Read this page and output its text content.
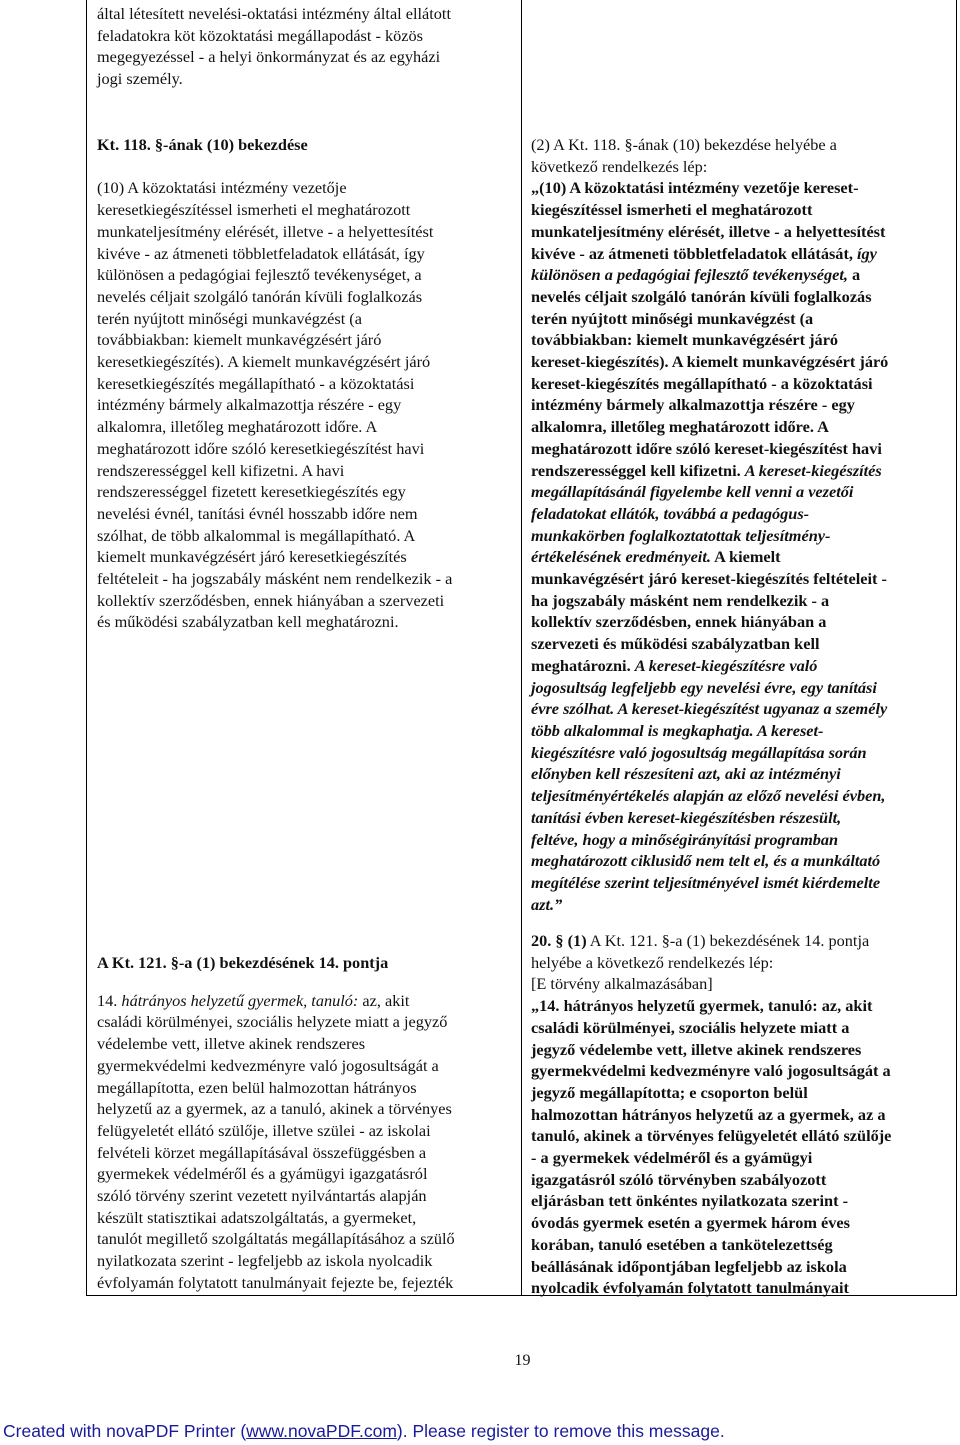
által létesített nevelési-oktatási intézmény által ellátott

feladatokra köt közoktatási megállapodást - közös

megegyezéssel - a helyi önkormányzat és az egyházi

jogi személy.

Kt. 118. §-ának (10) bekezdése

(10) A közoktatási intézmény vezetője

keresetkiegészítéssel ismerheti el meghatározott

munkateljesítmény elérését, illetve - a helyettesítést

kivéve - az átmeneti többletfeladatok ellátását, így

különösen a pedagógiai fejlesztő tevékenységet, a

nevelés céljait szolgáló tanórán kívüli foglalkozás

terén nyújtott minőségi munkavégzést (a

továbbiakban: kiemelt munkavégzésért járó

keresetkiegészítés). A kiemelt munkavégzésért járó

keresetkiegészítés megállapítható - a közoktatási

intézmény bármely alkalmazottja részére - egy

alkalomra, illetőleg meghatározott időre. A

meghatározott időre szóló keresetkiegészítést havi

rendszerességgel kell kifizetni. A havi

rendszerességgel fizetett keresetkiegészítés egy

nevelési évnél, tanítási évnél hosszabb időre nem

szólhat, de több alkalommal is megállapítható. A

kiemelt munkavégzésért járó keresetkiegészítés

feltételeit - ha jogszabály másként nem rendelkezik - a

kollektív szerződésben, ennek hiányában a szervezeti

és működési szabályzatban kell meghatározni.

(2) A Kt. 118. §-ának (10) bekezdése helyébe a

következő rendelkezés lép:

„(10) A közoktatási intézmény vezetője kereset-

kiegészítéssel ismerheti el meghatározott

munkateljesítmény elérését, illetve - a helyettesítést

kivéve - az átmeneti többletfeladatok ellátását, így

különösen a pedagógiai fejlesztő tevékenységet, a

nevelés céljait szolgáló tanórán kívüli foglalkozás

terén nyújtott minőségi munkavégzést (a

továbbiakban: kiemelt munkavégzésért járó

kereset-kiegészítés). A kiemelt munkavégzésért járó

kereset-kiegészítés megállapítható - a közoktatási

intézmény bármely alkalmazottja részére - egy

alkalomra, illetőleg meghatározott időre. A

meghatározott időre szóló kereset-kiegészítést havi

rendszerességgel kell kifizetni. A kereset-kiegészítés

megállapításánál figyelembe kell venni a vezetői

feladatokat ellátók, továbbá a pedagógus-

munkakörben foglalkoztatottak teljesítmény-

értékelésének eredményeit. A kiemelt

munkavégzésért járó kereset-kiegészítés feltételeit -

ha jogszabály másként nem rendelkezik - a

kollektív szerződésben, ennek hiányában a

szervezeti és működési szabályzatban kell

meghatározni. A kereset-kiegészítésre való

jogosultság legfeljebb egy nevelési évre, egy tanítási

évre szólhat. A kereset-kiegészítést ugyanaz a személy

több alkalommal is megkaphatja. A kereset-

kiegészítésre való jogosultság megállapítása során

előnyben kell részesíteni azt, aki az intézményi

teljesítményértékelés alapján az előző nevelési évben,

tanítási évben kereset-kiegészítésben részesült,

feltéve, hogy a minőségirányítási programban

meghatározott ciklusidő nem telt el, és a munkáltató

megítélése szerint teljesítményével ismét kiérdemelte

azt.”

A Kt. 121. §-a (1) bekezdésének 14. pontja

14. hátrányos helyzetű gyermek, tanuló: az, akit

családi körülményei, szociális helyzete miatt a jegyző

védelembe vett, illetve akinek rendszeres

gyermekvédelmi kedvezményre való jogosultságát a

megállapította, ezen belül halmozottan hátrányos

helyzetű az a gyermek, az a tanuló, akinek a törvényes

felügyeletét ellátó szülője, illetve szülei - az iskolai

felvételi körzet megállapításával összefüggésben a

gyermekek védelméről és a gyámügyi igazgatásról

szóló törvény szerint vezetett nyilvántartás alapján

készült statisztikai adatszolgáltatás, a gyermeket,

tanulót megillető szolgáltatás megállapításához a szülő

nyilatkozata szerint - legfeljebb az iskola nyolcadik

évfolyamán folytatott tanulmányait fejezte be, fejezték

20. § (1) A Kt. 121. §-a (1) bekezdésének 14. pontja

helyébe a következő rendelkezés lép:

[E törvény alkalmazásában]

„14. hátrányos helyzetű gyermek, tanuló: az, akit

családi körülményei, szociális helyzete miatt a

jegyző védelembe vett, illetve akinek rendszeres

gyermekvédelmi kedvezményre való jogosultságát a

jegyző megállapította; e csoporton belül

halmozottan hátrányos helyzetű az a gyermek, az a

tanuló, akinek a törvényes felügyeletét ellátó szülője

- a gyermekek védelméről és a gyámügyi

igazgatásról szóló törvényben szabályozott

eljárásban tett önkéntes nyilatkozata szerint -

óvodás gyermek esetén a gyermek három éves

korában, tanuló esetében a tankötelezettség

beállásának időpontjában legfeljebb az iskola

nyolcadik évfolyamán folytatott tanulmányait

19
Created with novaPDF Printer (www.novaPDF.com). Please register to remove this message.
